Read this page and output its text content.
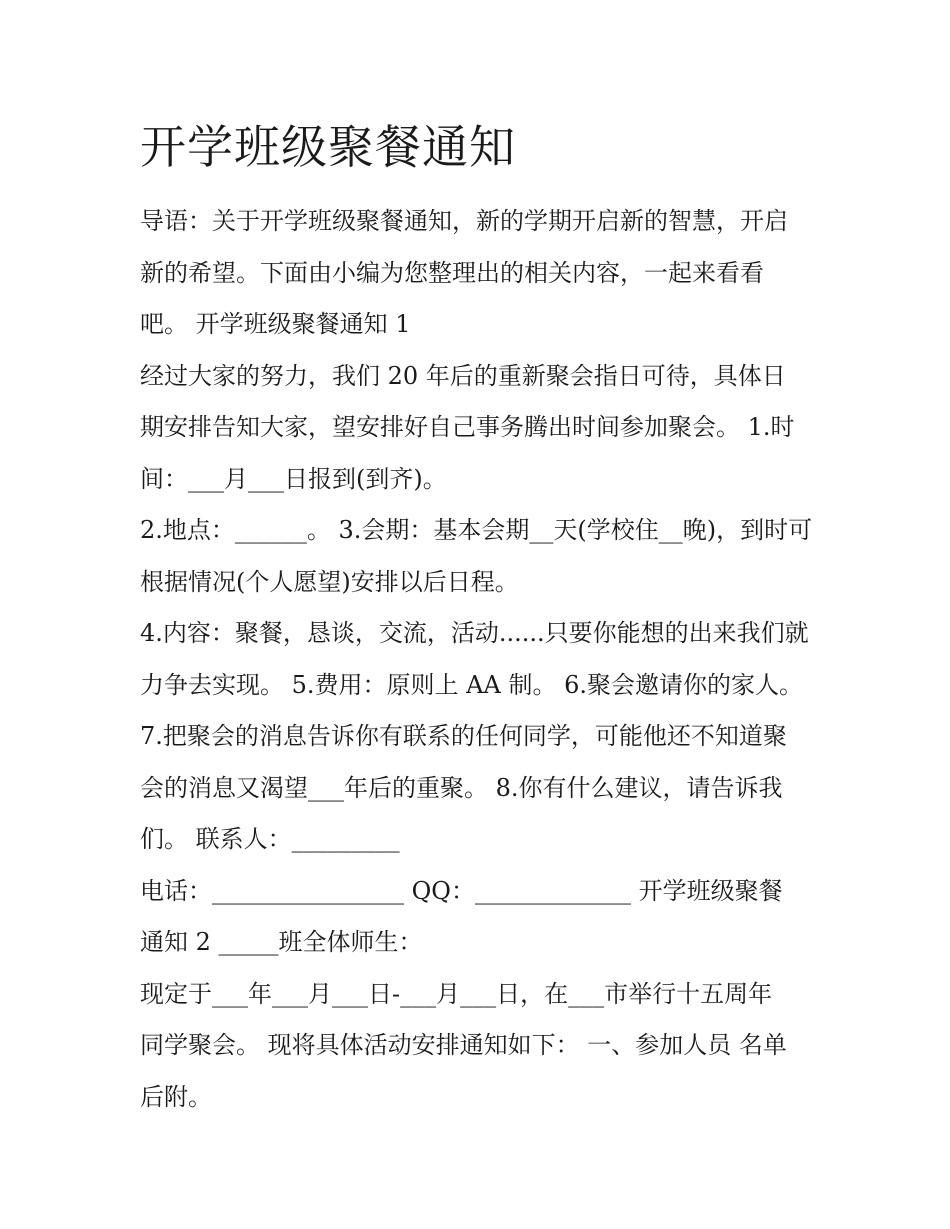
开学班级聚餐通知
导语：关于开学班级聚餐通知，新的学期开启新的智慧，开启
新的希望。下面由小编为您整理出的相关内容，一起来看看
吧。 开学班级聚餐通知 1
经过大家的努力，我们 20 年后的重新聚会指日可待，具体日
期安排告知大家，望安排好自己事务腾出时间参加聚会。 1.时
间：___月___日报到(到齐)。
2.地点：______。 3.会期：基本会期__天(学校住__晚)，到时可
根据情况(个人愿望)安排以后日程。
4.内容：聚餐，恳谈，交流，活动......只要你能想的出来我们就
力争去实现。 5.费用：原则上 AA 制。 6.聚会邀请你的家人。
7.把聚会的消息告诉你有联系的任何同学，可能他还不知道聚
会的消息又渴望___年后的重聚。 8.你有什么建议，请告诉我
们。 联系人：_________
电话：________________ QQ：_____________ 开学班级聚餐
通知 2 _____班全体师生：
现定于___年___月___日-___月___日，在___市举行十五周年
同学聚会。 现将具体活动安排通知如下： 一、参加人员 名单
后附。
